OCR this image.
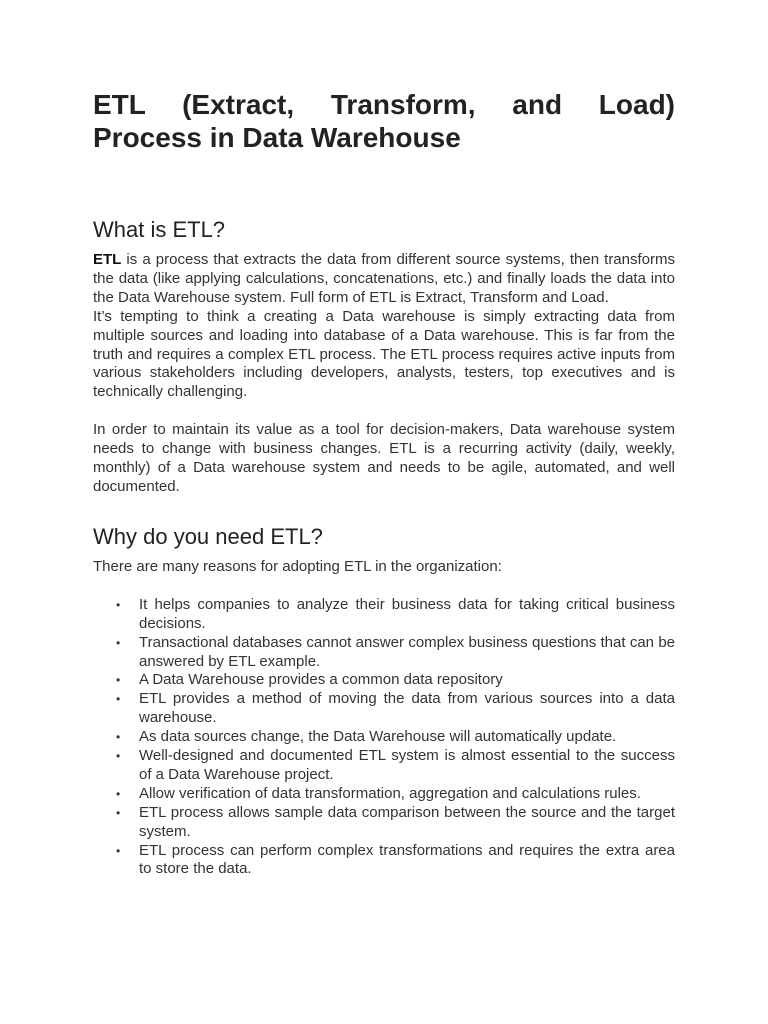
ETL (Extract, Transform, and Load) Process in Data Warehouse
What is ETL?

ETL is a process that extracts the data from different source systems, then transforms the data (like applying calculations, concatenations, etc.) and finally loads the data into the Data Warehouse system. Full form of ETL is Extract, Transform and Load.

It’s tempting to think a creating a Data warehouse is simply extracting data from multiple sources and loading into database of a Data warehouse. This is far from the truth and requires a complex ETL process. The ETL process requires active inputs from various stakeholders including developers, analysts, testers, top executives and is technically challenging.

In order to maintain its value as a tool for decision-makers, Data warehouse system needs to change with business changes. ETL is a recurring activity (daily, weekly, monthly) of a Data warehouse system and needs to be agile, automated, and well documented.

Why do you need ETL?

There are many reasons for adopting ETL in the organization:

• It helps companies to analyze their business data for taking critical business decisions.
• Transactional databases cannot answer complex business questions that can be answered by ETL example.
• A Data Warehouse provides a common data repository
• ETL provides a method of moving the data from various sources into a data warehouse.
• As data sources change, the Data Warehouse will automatically update.
• Well-designed and documented ETL system is almost essential to the success of a Data Warehouse project.
• Allow verification of data transformation, aggregation and calculations rules.
• ETL process allows sample data comparison between the source and the target system.
• ETL process can perform complex transformations and requires the extra area to store the data.
